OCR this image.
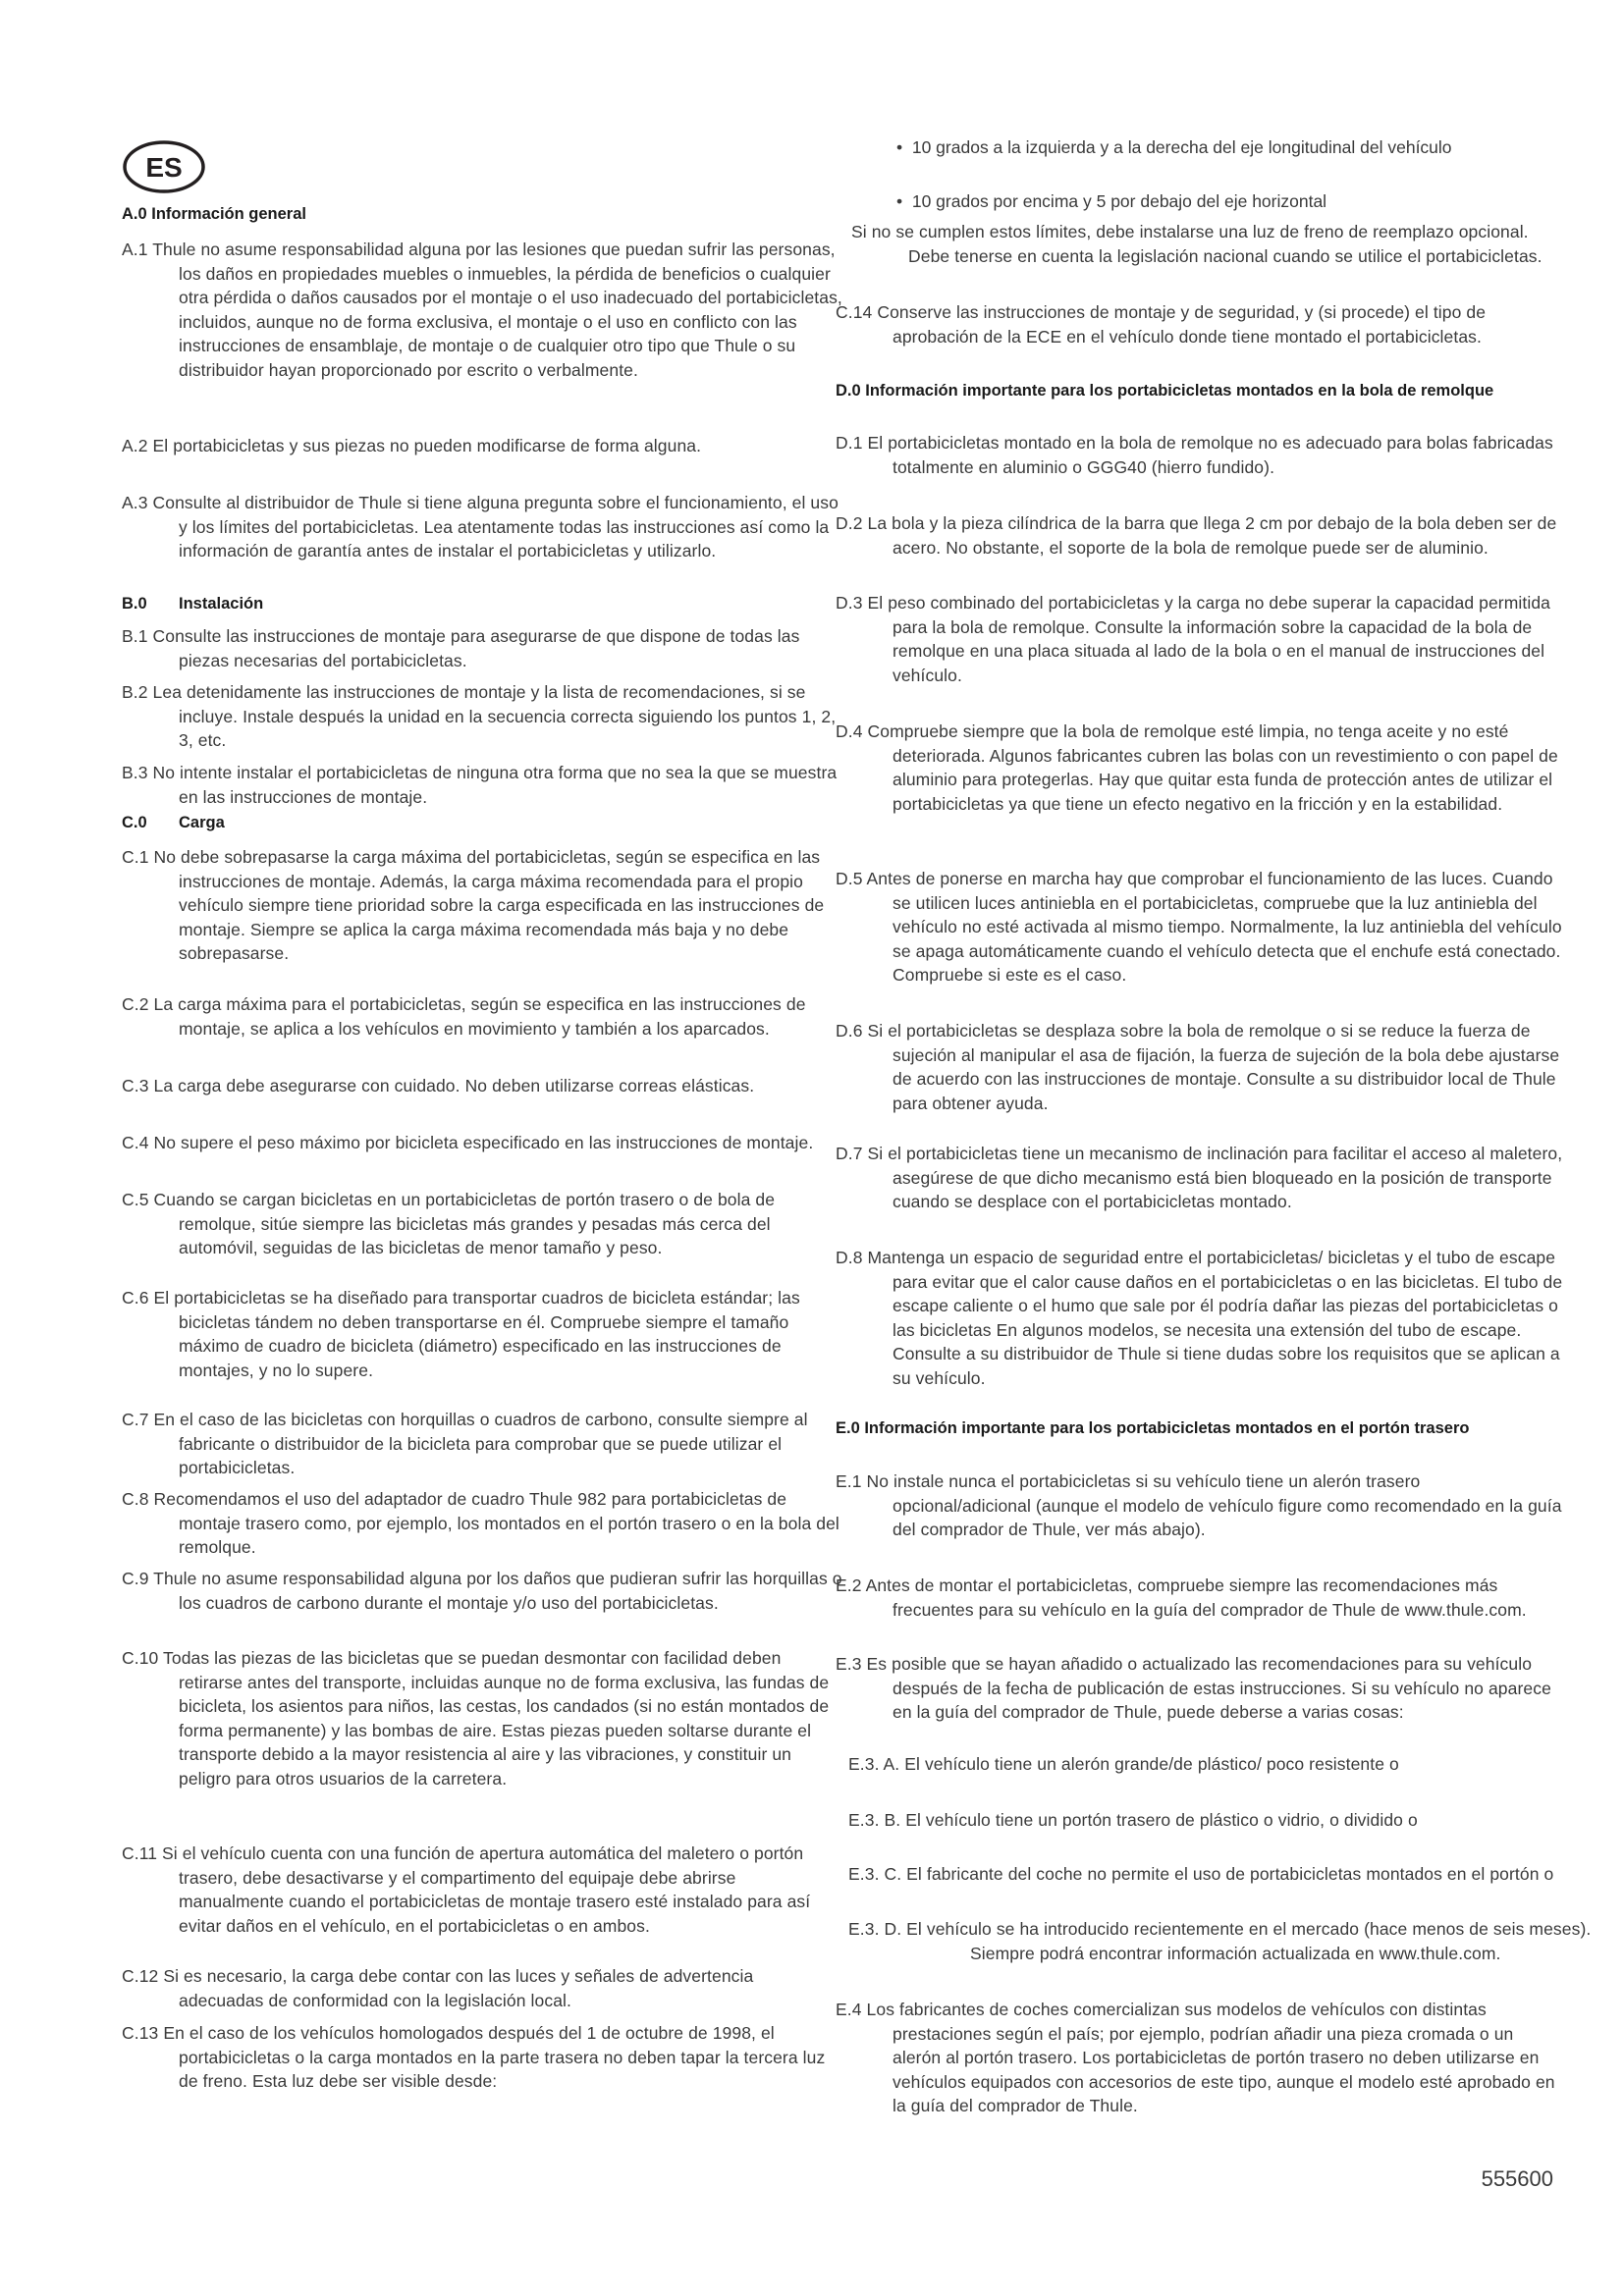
ES
A.0 Información general
A.1 Thule no asume responsabilidad alguna por las lesiones que puedan sufrir las personas, los daños en propiedades muebles o inmuebles, la pérdida de beneficios o cualquier otra pérdida o daños causados por el montaje o el uso inadecuado del portabicicletas, incluidos, aunque no de forma exclusiva, el montaje o el uso en conflicto con las instrucciones de ensamblaje, de montaje o de cualquier otro tipo que Thule o su distribuidor hayan proporcionado por escrito o verbalmente.
A.2 El portabicicletas y sus piezas no pueden modificarse de forma alguna.
A.3 Consulte al distribuidor de Thule si tiene alguna pregunta sobre el funcionamiento, el uso y los límites del portabicicletas. Lea atentamente todas las instrucciones así como la información de garantía antes de instalar el portabicicletas y utilizarlo.
B.0 Instalación
B.1 Consulte las instrucciones de montaje para asegurarse de que dispone de todas las piezas necesarias del portabicicletas.
B.2 Lea detenidamente las instrucciones de montaje y la lista de recomendaciones, si se incluye. Instale después la unidad en la secuencia correcta siguiendo los puntos 1, 2, 3, etc.
B.3 No intente instalar el portabicicletas de ninguna otra forma que no sea la que se muestra en las instrucciones de montaje.
C.0 Carga
C.1 No debe sobrepasarse la carga máxima del portabicicletas, según se especifica en las instrucciones de montaje. Además, la carga máxima recomendada para el propio vehículo siempre tiene prioridad sobre la carga especificada en las instrucciones de montaje. Siempre se aplica la carga máxima recomendada más baja y no debe sobrepasarse.
C.2 La carga máxima para el portabicicletas, según se especifica en las instrucciones de montaje, se aplica a los vehículos en movimiento y también a los aparcados.
C.3 La carga debe asegurarse con cuidado. No deben utilizarse correas elásticas.
C.4 No supere el peso máximo por bicicleta especificado en las instrucciones de montaje.
C.5 Cuando se cargan bicicletas en un portabicicletas de portón trasero o de bola de remolque, sitúe siempre las bicicletas más grandes y pesadas más cerca del automóvil, seguidas de las bicicletas de menor tamaño y peso.
C.6 El portabicicletas se ha diseñado para transportar cuadros de bicicleta estándar; las bicicletas tándem no deben transportarse en él. Compruebe siempre el tamaño máximo de cuadro de bicicleta (diámetro) especificado en las instrucciones de montajes, y no lo supere.
C.7 En el caso de las bicicletas con horquillas o cuadros de carbono, consulte siempre al fabricante o distribuidor de la bicicleta para comprobar que se puede utilizar el portabicicletas.
C.8 Recomendamos el uso del adaptador de cuadro Thule 982 para portabicicletas de montaje trasero como, por ejemplo, los montados en el portón trasero o en la bola del remolque.
C.9 Thule no asume responsabilidad alguna por los daños que pudieran sufrir las horquillas o los cuadros de carbono durante el montaje y/o uso del portabicicletas.
C.10 Todas las piezas de las bicicletas que se puedan desmontar con facilidad deben retirarse antes del transporte, incluidas aunque no de forma exclusiva, las fundas de bicicleta, los asientos para niños, las cestas, los candados (si no están montados de forma permanente) y las bombas de aire. Estas piezas pueden soltarse durante el transporte debido a la mayor resistencia al aire y las vibraciones, y constituir un peligro para otros usuarios de la carretera.
C.11 Si el vehículo cuenta con una función de apertura automática del maletero o portón trasero, debe desactivarse y el compartimento del equipaje debe abrirse manualmente cuando el portabicicletas de montaje trasero esté instalado para así evitar daños en el vehículo, en el portabicicletas o en ambos.
C.12 Si es necesario, la carga debe contar con las luces y señales de advertencia adecuadas de conformidad con la legislación local.
C.13 En el caso de los vehículos homologados después del 1 de octubre de 1998, el portabicicletas o la carga montados en la parte trasera no deben tapar la tercera luz de freno. Esta luz debe ser visible desde:
•  10 grados a la izquierda y a la derecha del eje longitudinal del vehículo
•  10 grados por encima y 5 por debajo del eje horizontal
Si no se cumplen estos límites, debe instalarse una luz de freno de reemplazo opcional. Debe tenerse en cuenta la legislación nacional cuando se utilice el portabicicletas.
C.14 Conserve las instrucciones de montaje y de seguridad, y (si procede) el tipo de aprobación de la ECE en el vehículo donde tiene montado el portabicicletas.
D.0 Información importante para los portabicicletas montados en la bola de remolque
D.1 El portabicicletas montado en la bola de remolque no es adecuado para bolas fabricadas totalmente en aluminio o GGG40 (hierro fundido).
D.2 La bola y la pieza cilíndrica de la barra que llega 2 cm por debajo de la bola deben ser de acero. No obstante, el soporte de la bola de remolque puede ser de aluminio.
D.3 El peso combinado del portabicicletas y la carga no debe superar la capacidad permitida para la bola de remolque. Consulte la información sobre la capacidad de la bola de remolque en una placa situada al lado de la bola o en el manual de instrucciones del vehículo.
D.4 Compruebe siempre que la bola de remolque esté limpia, no tenga aceite y no esté deteriorada. Algunos fabricantes cubren las bolas con un revestimiento o con papel de aluminio para protegerlas. Hay que quitar esta funda de protección antes de utilizar el portabicicletas ya que tiene un efecto negativo en la fricción y en la estabilidad.
D.5 Antes de ponerse en marcha hay que comprobar el funcionamiento de las luces. Cuando se utilicen luces antiniebla en el portabicicletas, compruebe que la luz antiniebla del vehículo no esté activada al mismo tiempo. Normalmente, la luz antiniebla del vehículo se apaga automáticamente cuando el vehículo detecta que el enchufe está conectado. Compruebe si este es el caso.
D.6 Si el portabicicletas se desplaza sobre la bola de remolque o si se reduce la fuerza de sujeción al manipular el asa de fijación, la fuerza de sujeción de la bola debe ajustarse de acuerdo con las instrucciones de montaje. Consulte a su distribuidor local de Thule para obtener ayuda.
D.7 Si el portabicicletas tiene un mecanismo de inclinación para facilitar el acceso al maletero, asegúrese de que dicho mecanismo está bien bloqueado en la posición de transporte cuando se desplace con el portabicicletas montado.
D.8 Mantenga un espacio de seguridad entre el portabicicletas/ bicicletas y el tubo de escape para evitar que el calor cause daños en el portabicicletas o en las bicicletas. El tubo de escape caliente o el humo que sale por él podría dañar las piezas del portabicicletas o las bicicletas En algunos modelos, se necesita una extensión del tubo de escape. Consulte a su distribuidor de Thule si tiene dudas sobre los requisitos que se aplican a su vehículo.
E.0 Información importante para los portabicicletas montados en el portón trasero
E.1 No instale nunca el portabicicletas si su vehículo tiene un alerón trasero opcional/adicional (aunque el modelo de vehículo figure como recomendado en la guía del comprador de Thule, ver más abajo).
E.2 Antes de montar el portabicicletas, compruebe siempre las recomendaciones más frecuentes para su vehículo en la guía del comprador de Thule de www.thule.com.
E.3 Es posible que se hayan añadido o actualizado las recomendaciones para su vehículo después de la fecha de publicación de estas instrucciones. Si su vehículo no aparece en la guía del comprador de Thule, puede deberse a varias cosas:
E.3. A. El vehículo tiene un alerón grande/de plástico/ poco resistente o
E.3. B. El vehículo tiene un portón trasero de plástico o vidrio, o dividido o
E.3. C. El fabricante del coche no permite el uso de portabicicletas montados en el portón o
E.3. D. El vehículo se ha introducido recientemente en el mercado (hace menos de seis meses). Siempre podrá encontrar información actualizada en www.thule.com.
E.4 Los fabricantes de coches comercializan sus modelos de vehículos con distintas prestaciones según el país; por ejemplo, podrían añadir una pieza cromada o un alerón al portón trasero. Los portabicicletas de portón trasero no deben utilizarse en vehículos equipados con accesorios de este tipo, aunque el modelo esté aprobado en la guía del comprador de Thule.
555600
